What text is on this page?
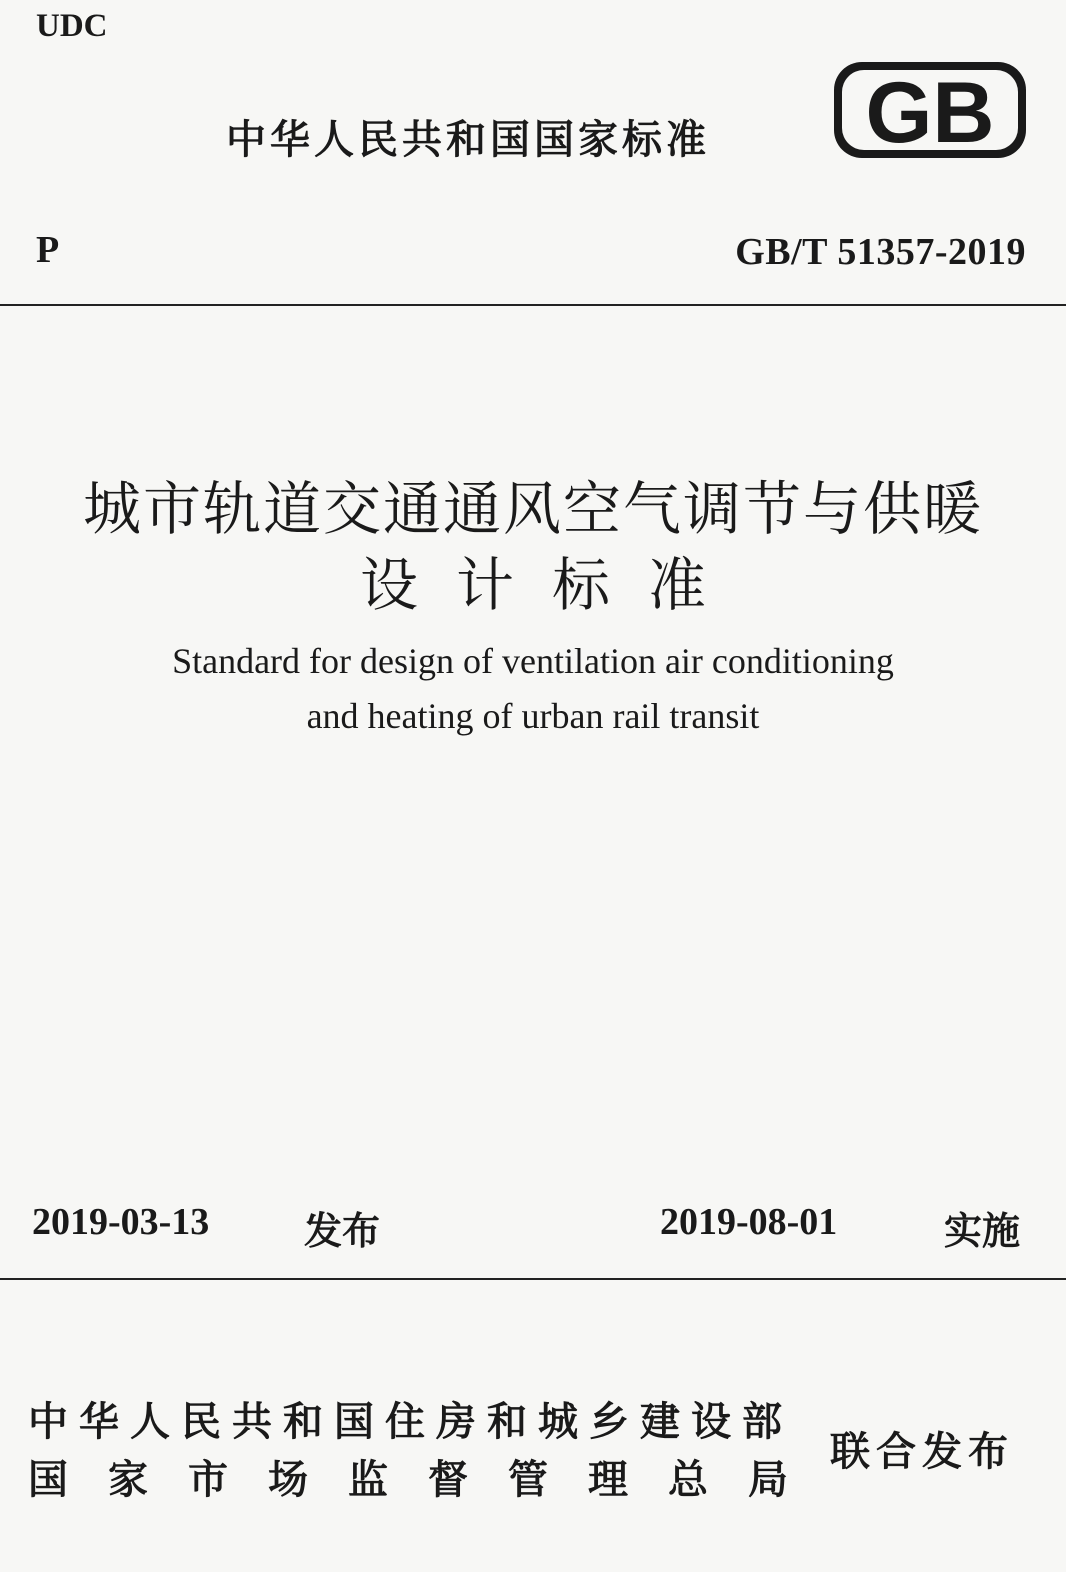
UDC
中华人民共和国国家标准 GB
P	GB/T 51357-2019
城市轨道交通通风空气调节与供暖
设计标准
Standard for design of ventilation air conditioning
and heating of urban rail transit
2019-03-13 发布	2019-08-01	实施
中华人民共和国住房和城乡建设部
国家市场监督管理总局
联合发布
